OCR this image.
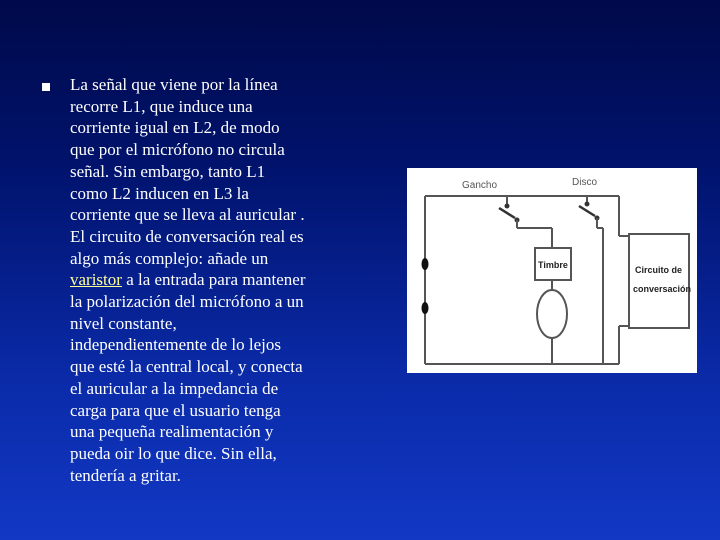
La señal que viene por la línea
recorre L1, que induce una
corriente igual en L2, de modo
que por el micrófono no circula
señal. Sin embargo, tanto L1
como L2 inducen en L3 la
corriente que se lleva al auricular .
El circuito de conversación real es
algo más complejo: añade un
varistor a la entrada para mantener
la polarización del micrófono a un
nivel constante,
independientemente de lo lejos
que esté la central local, y conecta
el auricular a la impedancia de
carga para que el usuario tenga
una pequeña realimentación y
pueda oir lo que dice. Sin ella,
tendería a gritar.
Gancho	Disco
Timbre	Circuito de
conversación
